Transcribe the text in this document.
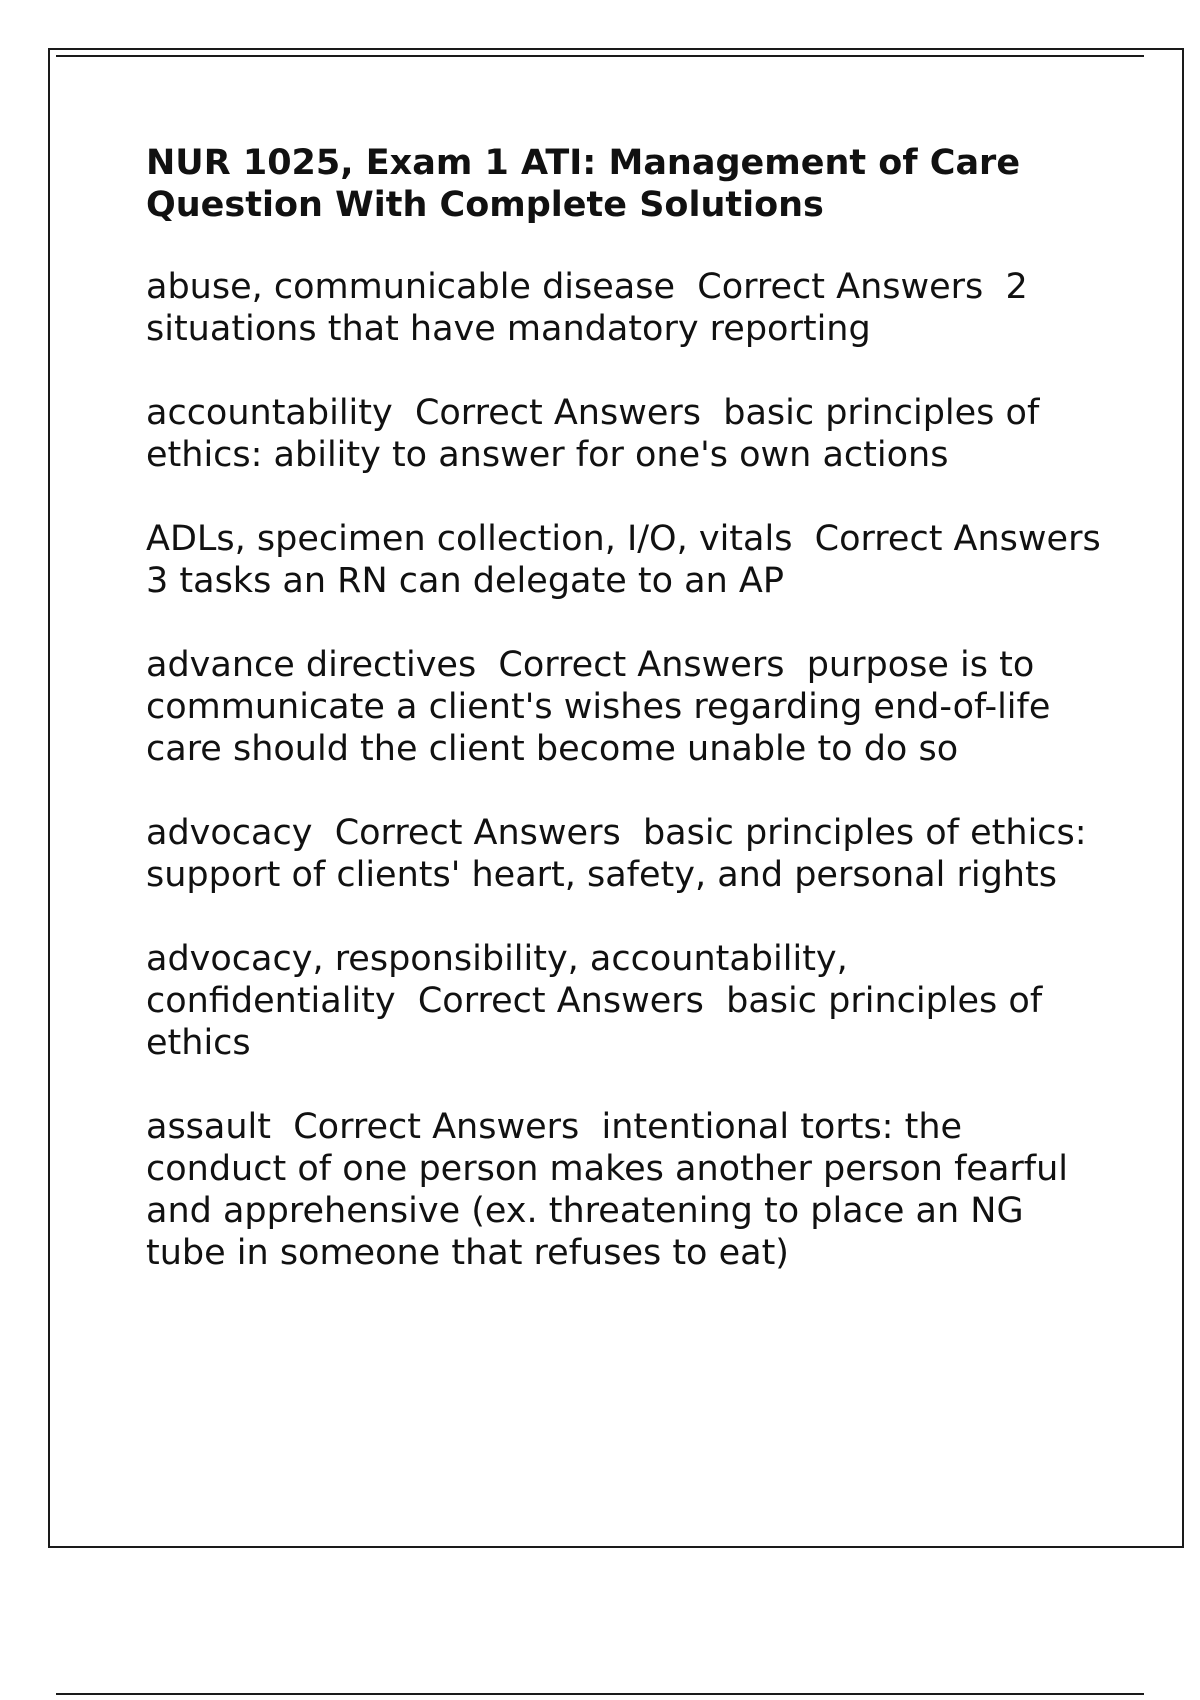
NUR 1025, Exam 1 ATI: Management of Care Question With Complete Solutions

abuse, communicable disease  Correct Answers  2 situations that have mandatory reporting

accountability  Correct Answers  basic principles of ethics: ability to answer for one's own actions

ADLs, specimen collection, I/O, vitals  Correct Answers  3 tasks an RN can delegate to an AP

advance directives  Correct Answers  purpose is to communicate a client's wishes regarding end-of-life care should the client become unable to do so

advocacy  Correct Answers  basic principles of ethics: support of clients' heart, safety, and personal rights

advocacy, responsibility, accountability, confidentiality  Correct Answers  basic principles of ethics

assault  Correct Answers  intentional torts: the conduct of one person makes another person fearful and apprehensive (ex. threatening to place an NG tube in someone that refuses to eat)
